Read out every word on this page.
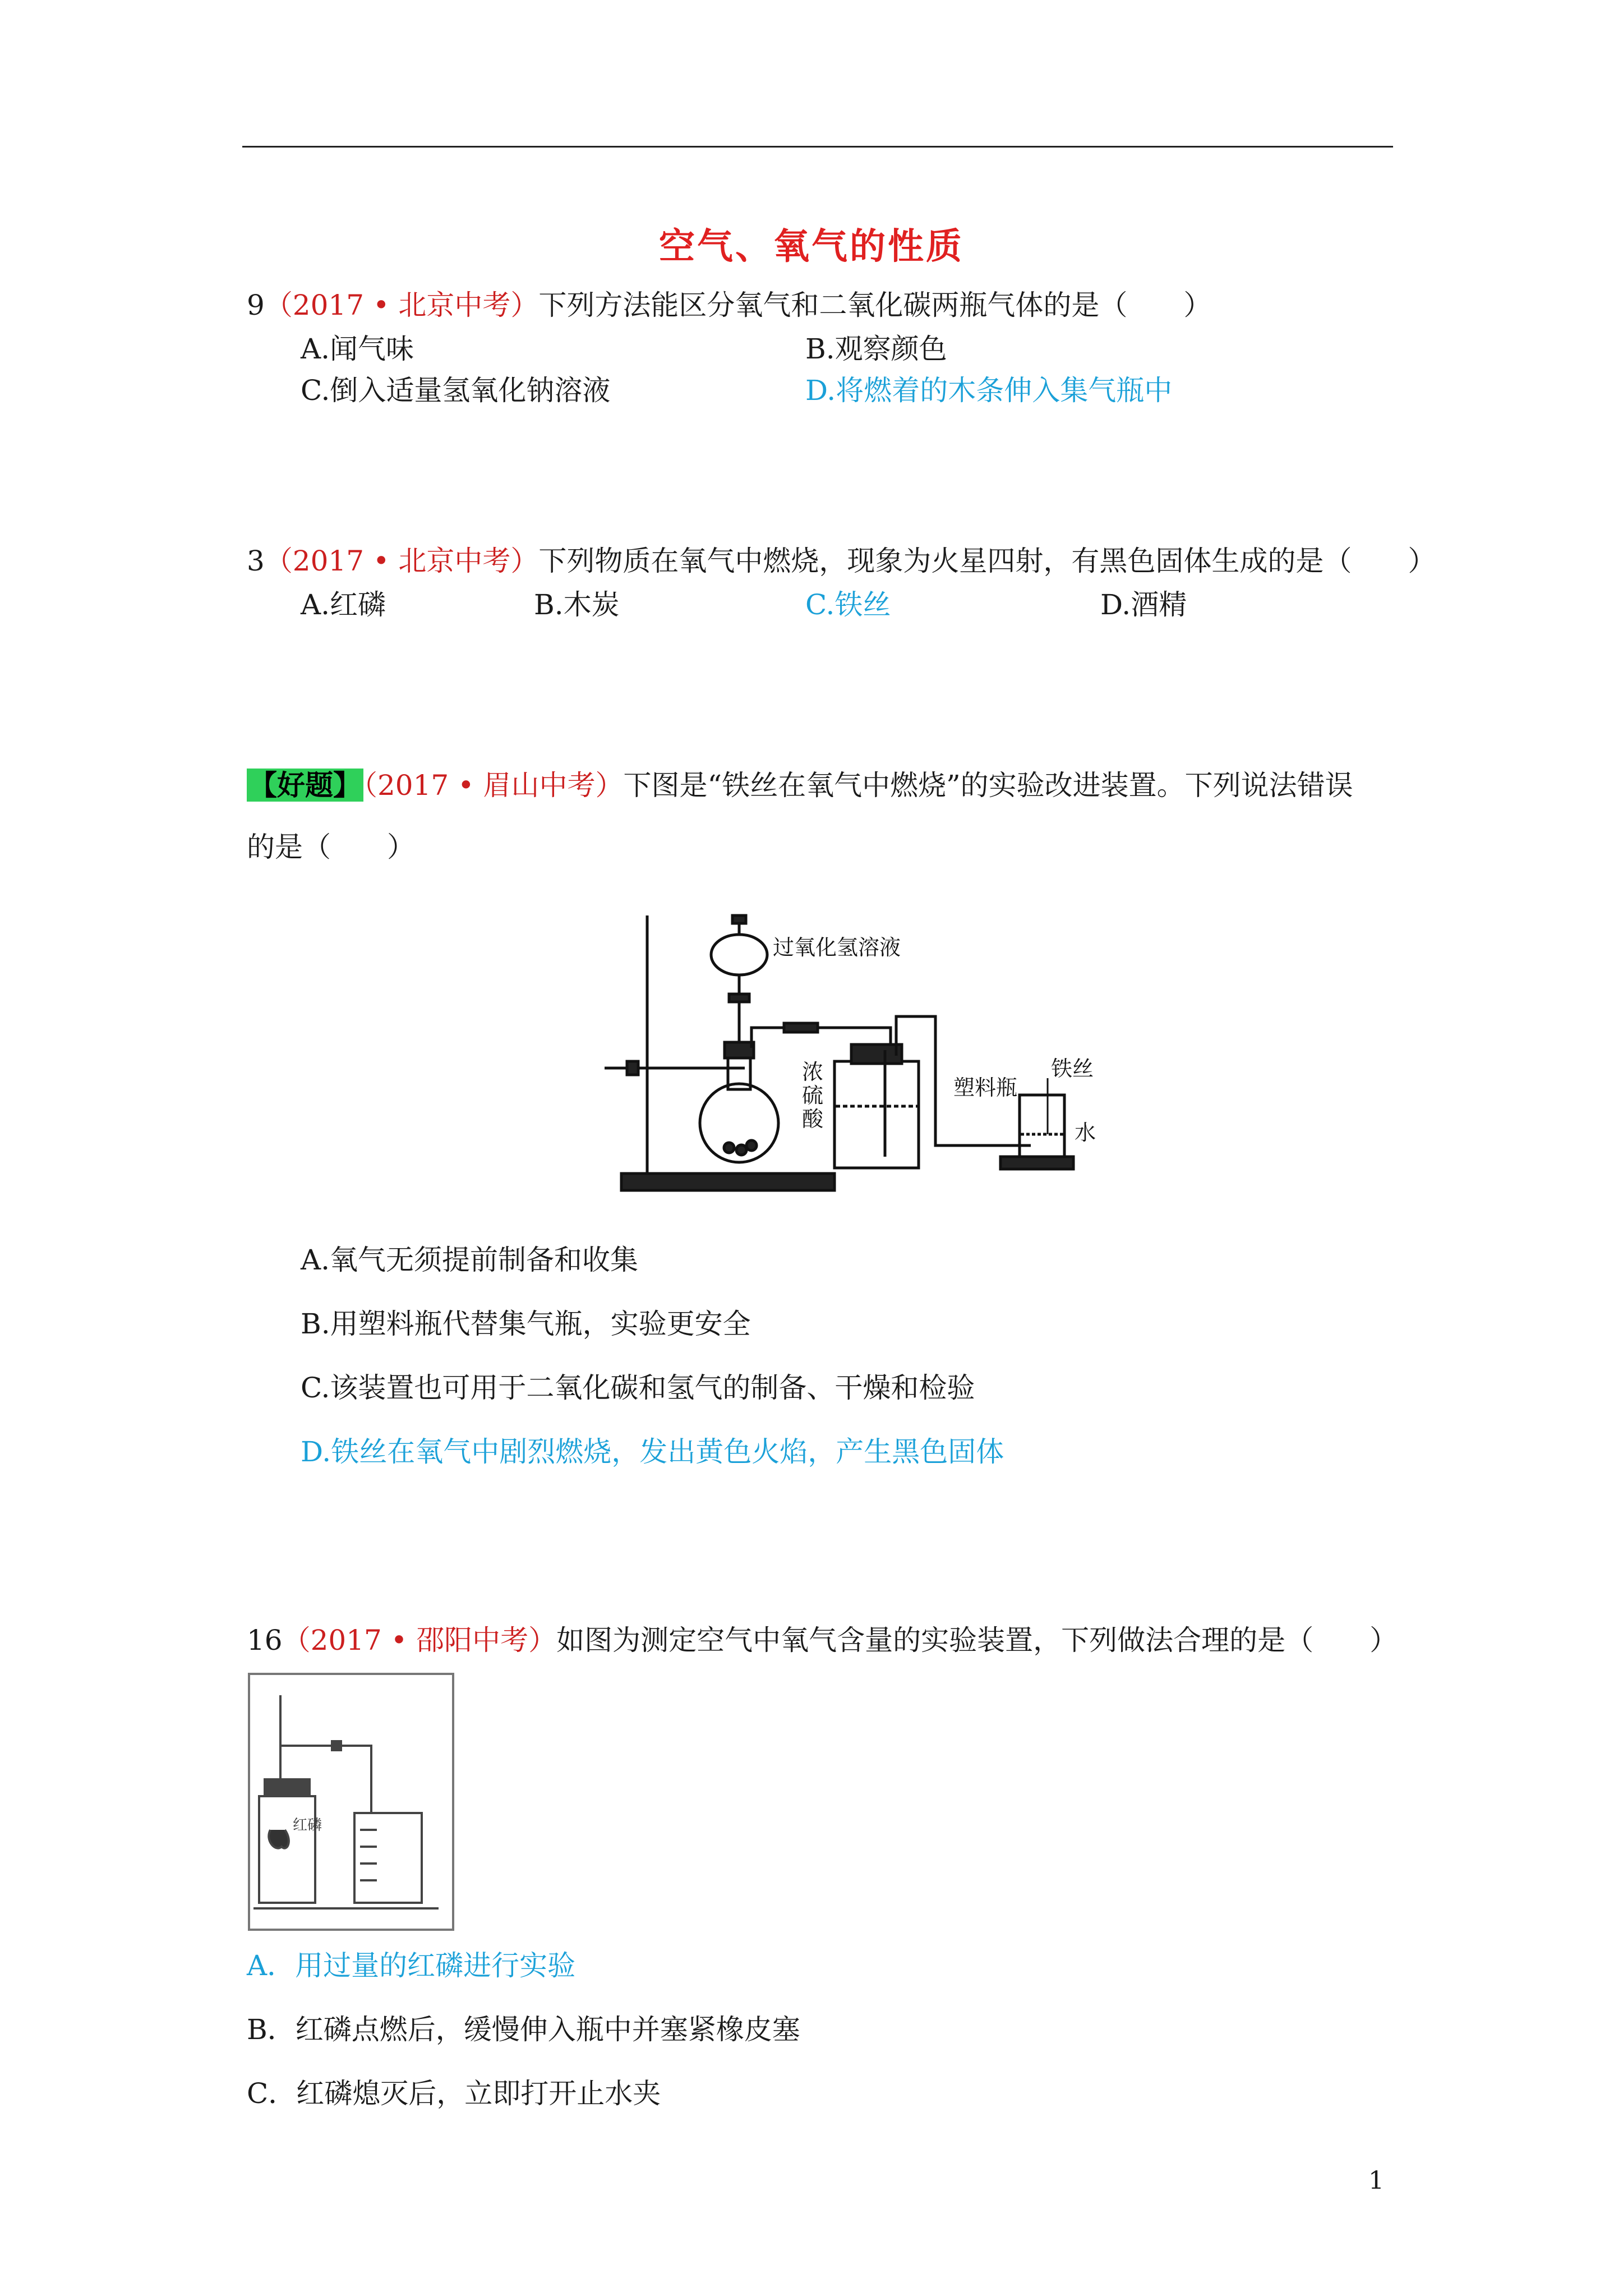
空气、氧气的性质
9（2017 • 北京中考）下列方法能区分氧气和二氧化碳两瓶气体的是（　　）
A.闻气味	B.观察颜色
C.倒入适量氢氧化钠溶液	D.将燃着的木条伸入集气瓶中
3（2017 • 北京中考）下列物质在氧气中燃烧，现象为火星四射，有黑色固体生成的是（　　）
A.红磷	B.木炭	C.铁丝	D.酒精
【好题】（2017 • 眉山中考）下图是“铁丝在氧气中燃烧”的实验改进装置。下列说法错误
的是（　　）
过氧化氢溶液
浓
硫
酸
塑料瓶
铁丝
水
A.氧气无须提前制备和收集
B.用塑料瓶代替集气瓶，实验更安全
C.该装置也可用于二氧化碳和氢气的制备、干燥和检验
D.铁丝在氧气中剧烈燃烧，发出黄色火焰，产生黑色固体
16（2017 • 邵阳中考）如图为测定空气中氧气含量的实验装置，下列做法合理的是（　　）
红磷
A．用过量的红磷进行实验
B．红磷点燃后，缓慢伸入瓶中并塞紧橡皮塞
C．红磷熄灭后，立即打开止水夹
1
